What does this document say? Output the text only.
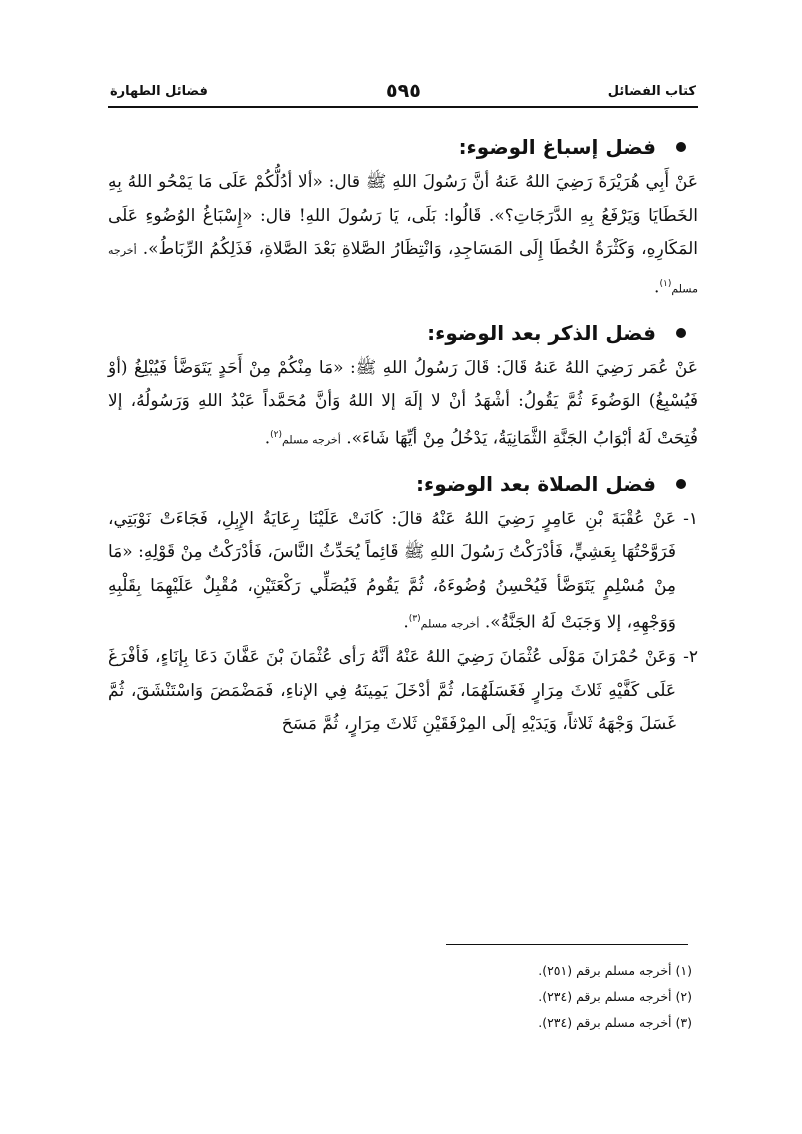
كتاب الفضائل
٥٩٥
فضائل الطهارة
فضل إسباغ الوضوء:

عَنْ أَبِي هُرَيْرَةَ رَضِيَ اللهُ عَنهُ أنَّ رَسُولَ اللهِ ﷺ قال: «ألا أدُلُّكُمْ عَلَى مَا يَمْحُو اللهُ بِهِ الخَطَايَا وَيَرْفَعُ بِهِ الدَّرَجَاتِ؟». قَالُوا: بَلَى، يَا رَسُولَ اللهِ! قال: «إِسْبَاغُ الوُضُوءِ عَلَى المَكَارِهِ، وَكَثْرَةُ الخُطَا إِلَى المَسَاجِدِ، وَانْتِظَارُ الصَّلاةِ بَعْدَ الصَّلاةِ، فَذَلِكُمُ الرِّبَاطُ». أخرجه مسلم$^{(١)}$.

فضل الذكر بعد الوضوء:

عَنْ عُمَر رَضِيَ اللهُ عَنهُ قَالَ: قَالَ رَسُولُ اللهِ ﷺ: «مَا مِنْكُمْ مِنْ أَحَدٍ يَتَوَضَّأ فَيُبْلِغُ (أوْ فَيُسْبِغُ) الوَضُوءَ ثُمَّ يَقُولُ: أشْهَدُ أنْ لا إلَهَ إلا اللهُ وَأنَّ مُحَمَّداً عَبْدُ اللهِ وَرَسُولُهُ، إلا فُتِحَتْ لَهُ أبْوَابُ الجَنَّةِ الثَّمَانِيَةُ، يَدْخُلُ مِنْ أيِّهَا شَاءَ». أخرجه مسلم$^{(٢)}$.

فضل الصلاة بعد الوضوء:
١-

عَنْ عُقْبَةَ بْنِ عَامِرٍ رَضِيَ اللهُ عَنْهُ قالَ: كَانَتْ عَلَيْنَا رِعَايَةُ الإِبِلِ، فَجَاءَتْ نَوْبَتِي، فَرَوَّحْتُهَا بِعَشِيٍّ، فَأدْرَكْتُ رَسُولَ اللهِ ﷺ قَائِماً يُحَدِّثُ النَّاسَ، فَأدْرَكْتُ مِنْ قَوْلِهِ: «مَا مِنْ مُسْلِمٍ يَتَوَضَّأ فَيُحْسِنُ وُضُوءَهُ، ثُمَّ يَقُومُ فَيُصَلِّي رَكْعَتَيْنِ، مُقْبِلٌ عَلَيْهِمَا بِقَلْبِهِ وَوَجْهِهِ، إلا وَجَبَتْ لَهُ الجَنَّةُ». أخرجه مسلم$^{(٣)}$.

٢-

وَعَنْ حُمْرَانَ مَوْلَى عُثْمَانَ رَضِيَ اللهُ عَنْهُ أنَّهُ رَأى عُثْمَانَ بْنَ عَفَّانَ دَعَا بِإنَاءٍ، فَأفْرَغَ عَلَى كَفَّيْهِ ثَلاثَ مِرَارٍ فَغَسَلَهُمَا، ثُمَّ أدْخَلَ يَمِينَهُ فِي الإناءِ، فَمَضْمَضَ وَاسْتَنْشَقَ، ثُمَّ غَسَلَ وَجْهَهُ ثَلاثاً، وَيَدَيْهِ إلَى المِرْفَقَيْنِ ثَلاثَ مِرَارٍ، ثُمَّ مَسَحَ

(١) أخرجه مسلم برقم (٢٥١).
(٢) أخرجه مسلم برقم (٢٣٤).
(٣) أخرجه مسلم برقم (٢٣٤).
